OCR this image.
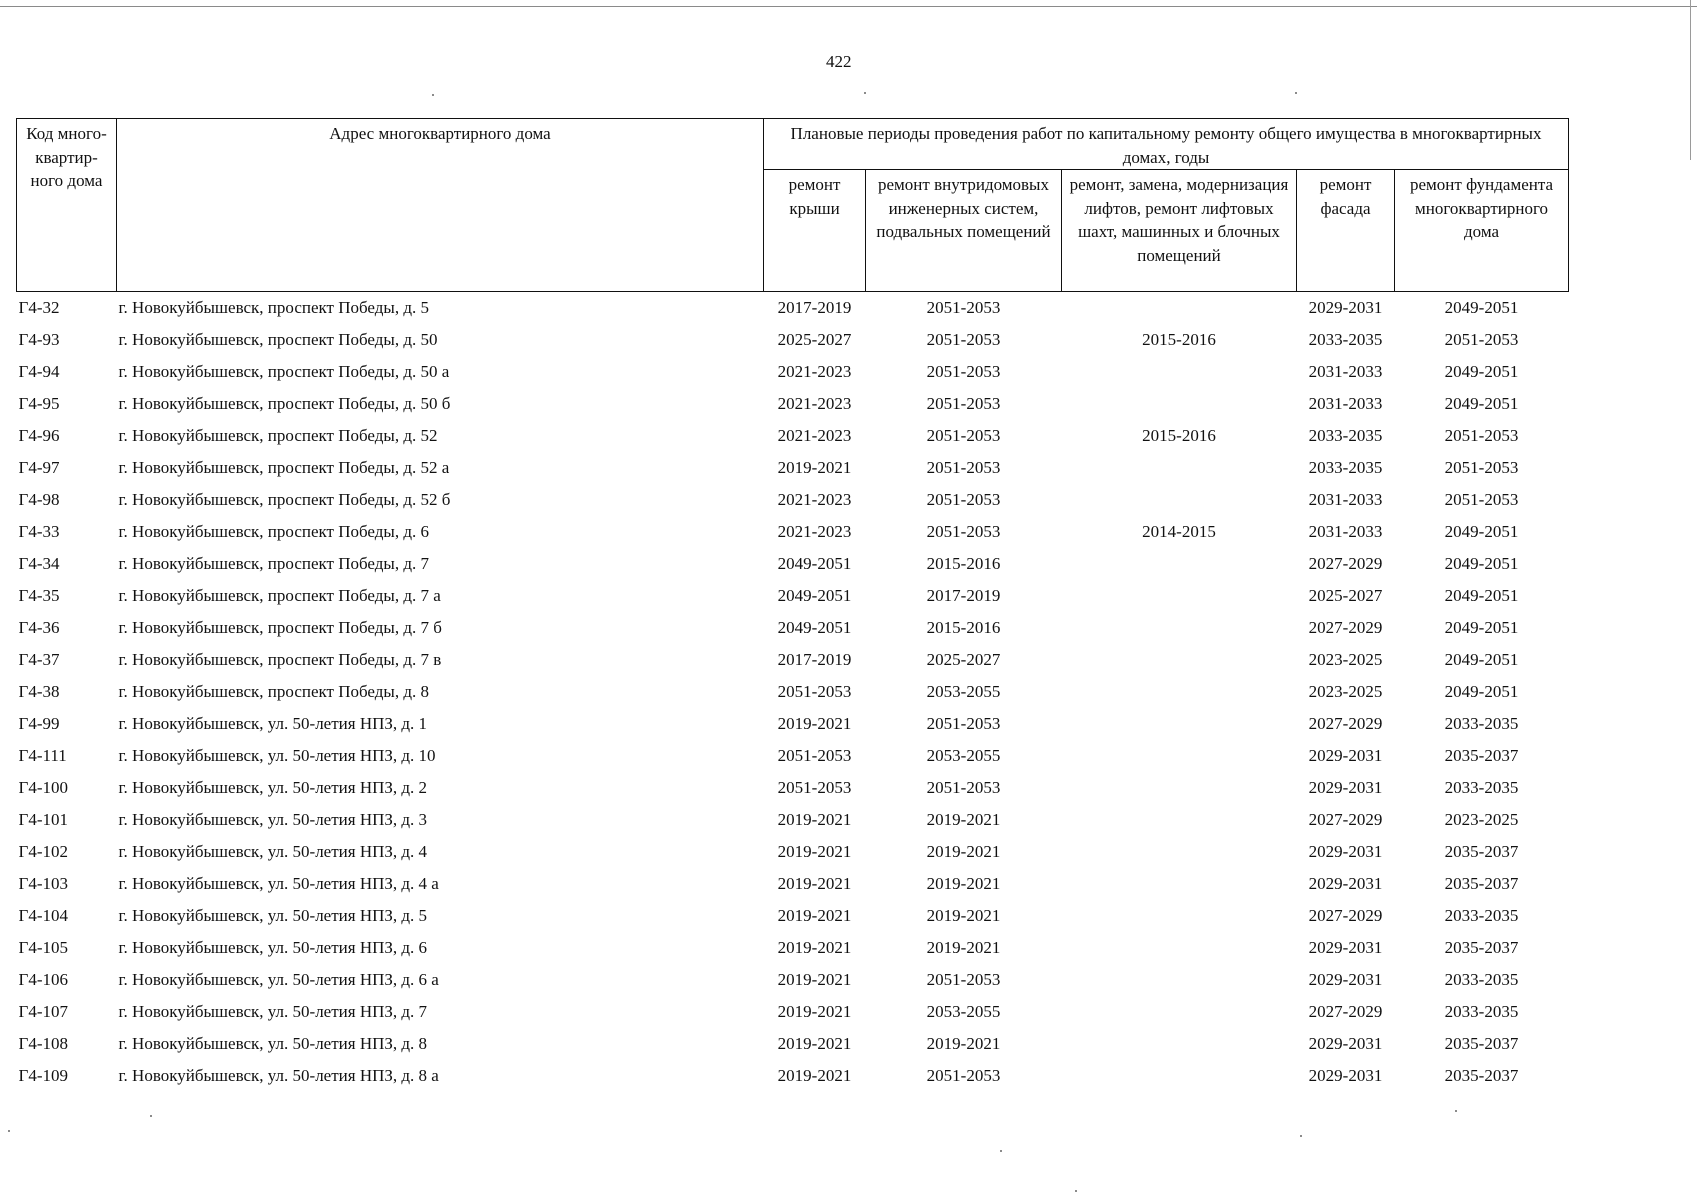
422
Код много-квартир-ного дома	Адрес многоквартирного дома	Плановые периоды проведения работ по капитальному ремонту общего имущества в многоквартирных домах, годы				
		ремонт крыши	ремонт внутридомовых инженерных систем, подвальных помещений	ремонт, замена, модернизация лифтов, ремонт лифтовых шахт, машинных и блочных помещений	ремонт фасада	ремонт фундамента многоквартирного дома
Г4-32	г. Новокуйбышевск, проспект Победы, д. 5	2017-2019	2051-2053		2029-2031	2049-2051
Г4-93	г. Новокуйбышевск, проспект Победы, д. 50	2025-2027	2051-2053	2015-2016	2033-2035	2051-2053
Г4-94	г. Новокуйбышевск, проспект Победы, д. 50 а	2021-2023	2051-2053		2031-2033	2049-2051
Г4-95	г. Новокуйбышевск, проспект Победы, д. 50 б	2021-2023	2051-2053		2031-2033	2049-2051
Г4-96	г. Новокуйбышевск, проспект Победы, д. 52	2021-2023	2051-2053	2015-2016	2033-2035	2051-2053
Г4-97	г. Новокуйбышевск, проспект Победы, д. 52 а	2019-2021	2051-2053		2033-2035	2051-2053
Г4-98	г. Новокуйбышевск, проспект Победы, д. 52 б	2021-2023	2051-2053		2031-2033	2051-2053
Г4-33	г. Новокуйбышевск, проспект Победы, д. 6	2021-2023	2051-2053	2014-2015	2031-2033	2049-2051
Г4-34	г. Новокуйбышевск, проспект Победы, д. 7	2049-2051	2015-2016		2027-2029	2049-2051
Г4-35	г. Новокуйбышевск, проспект Победы, д. 7 а	2049-2051	2017-2019		2025-2027	2049-2051
Г4-36	г. Новокуйбышевск, проспект Победы, д. 7 б	2049-2051	2015-2016		2027-2029	2049-2051
Г4-37	г. Новокуйбышевск, проспект Победы, д. 7 в	2017-2019	2025-2027		2023-2025	2049-2051
Г4-38	г. Новокуйбышевск, проспект Победы, д. 8	2051-2053	2053-2055		2023-2025	2049-2051
Г4-99	г. Новокуйбышевск, ул. 50-летия НПЗ, д. 1	2019-2021	2051-2053		2027-2029	2033-2035
Г4-111	г. Новокуйбышевск, ул. 50-летия НПЗ, д. 10	2051-2053	2053-2055		2029-2031	2035-2037
Г4-100	г. Новокуйбышевск, ул. 50-летия НПЗ, д. 2	2051-2053	2051-2053		2029-2031	2033-2035
Г4-101	г. Новокуйбышевск, ул. 50-летия НПЗ, д. 3	2019-2021	2019-2021		2027-2029	2023-2025
Г4-102	г. Новокуйбышевск, ул. 50-летия НПЗ, д. 4	2019-2021	2019-2021		2029-2031	2035-2037
Г4-103	г. Новокуйбышевск, ул. 50-летия НПЗ, д. 4 а	2019-2021	2019-2021		2029-2031	2035-2037
Г4-104	г. Новокуйбышевск, ул. 50-летия НПЗ, д. 5	2019-2021	2019-2021		2027-2029	2033-2035
Г4-105	г. Новокуйбышевск, ул. 50-летия НПЗ, д. 6	2019-2021	2019-2021		2029-2031	2035-2037
Г4-106	г. Новокуйбышевск, ул. 50-летия НПЗ, д. 6 а	2019-2021	2051-2053		2029-2031	2033-2035
Г4-107	г. Новокуйбышевск, ул. 50-летия НПЗ, д. 7	2019-2021	2053-2055		2027-2029	2033-2035
Г4-108	г. Новокуйбышевск, ул. 50-летия НПЗ, д. 8	2019-2021	2019-2021		2029-2031	2035-2037
Г4-109	г. Новокуйбышевск, ул. 50-летия НПЗ, д. 8 а	2019-2021	2051-2053		2029-2031	2035-2037
